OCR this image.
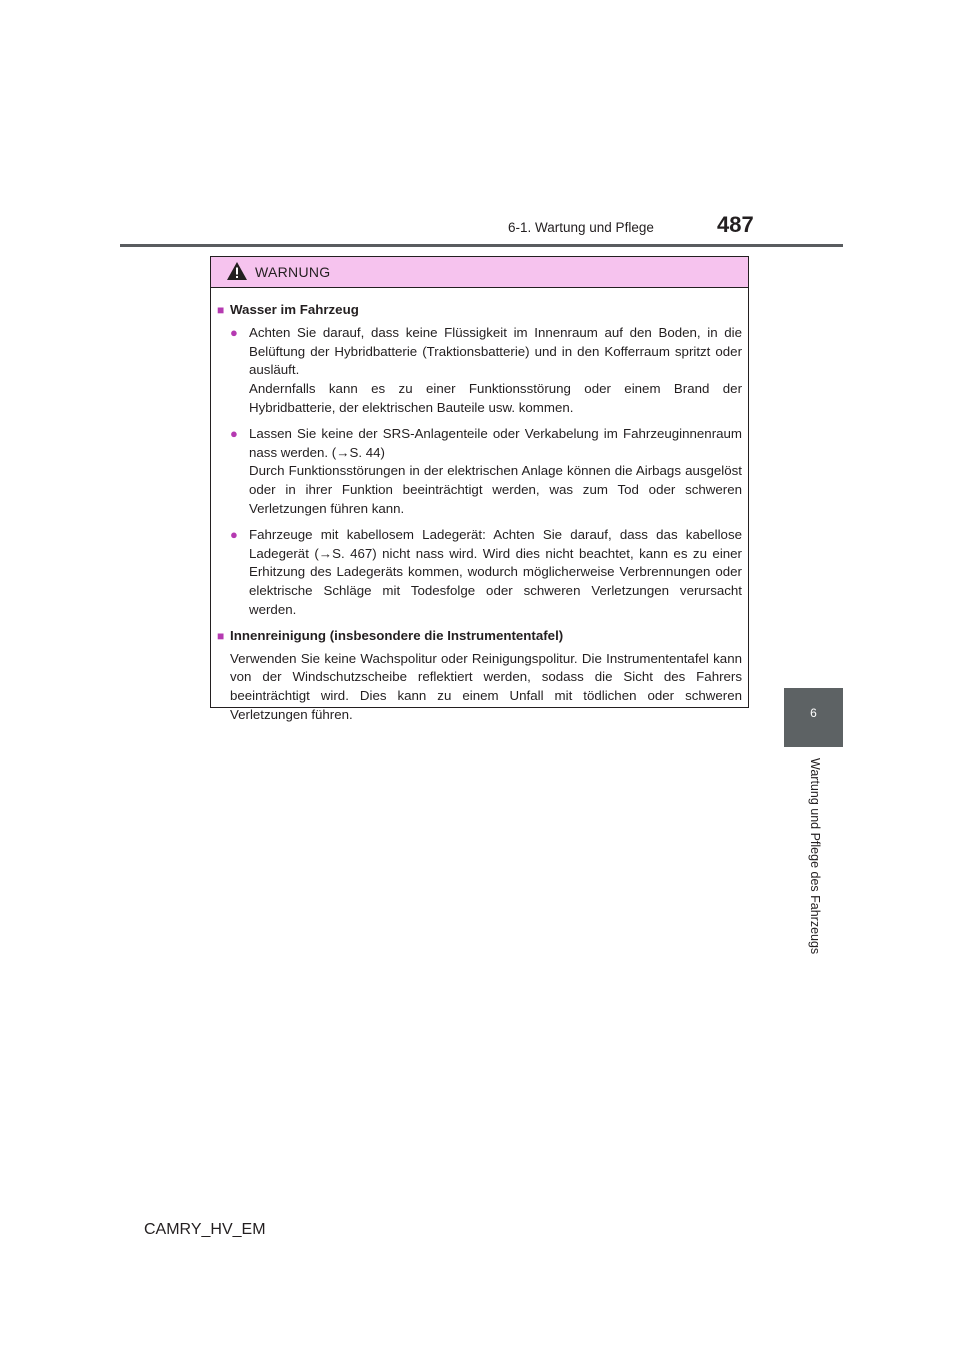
6-1. Wartung und Pflege	487
6
Wartung und Pflege des Fahrzeugs
WARNUNG
■ Wasser im Fahrzeug
● Achten Sie darauf, dass keine Flüssigkeit im Innenraum auf den Boden, in die Belüftung der Hybridbatterie (Traktionsbatterie) und in den Kofferraum spritzt oder ausläuft.

Andernfalls kann es zu einer Funktionsstörung oder einem Brand der Hybridbatterie, der elektrischen Bauteile usw. kommen.

● Lassen Sie keine der SRS-Anlagenteile oder Verkabelung im Fahrzeuginnenraum nass werden. (→S. 44)

Durch Funktionsstörungen in der elektrischen Anlage können die Airbags ausgelöst oder in ihrer Funktion beeinträchtigt werden, was zum Tod oder schweren Verletzungen führen kann.

● Fahrzeuge mit kabellosem Ladegerät: Achten Sie darauf, dass das kabellose Ladegerät (→S. 467) nicht nass wird. Wird dies nicht beachtet, kann es zu einer Erhitzung des Ladegeräts kommen, wodurch möglicherweise Verbrennungen oder elektrische Schläge mit Todesfolge oder schweren Verletzungen verursacht werden.

■ Innenreinigung (insbesondere die Instrumententafel)
Verwenden Sie keine Wachspolitur oder Reinigungspolitur. Die Instrumententafel kann von der Windschutzscheibe reflektiert werden, sodass die Sicht des Fahrers beeinträchtigt wird. Dies kann zu einem Unfall mit tödlichen oder schweren Verletzungen führen.
CAMRY_HV_EM
